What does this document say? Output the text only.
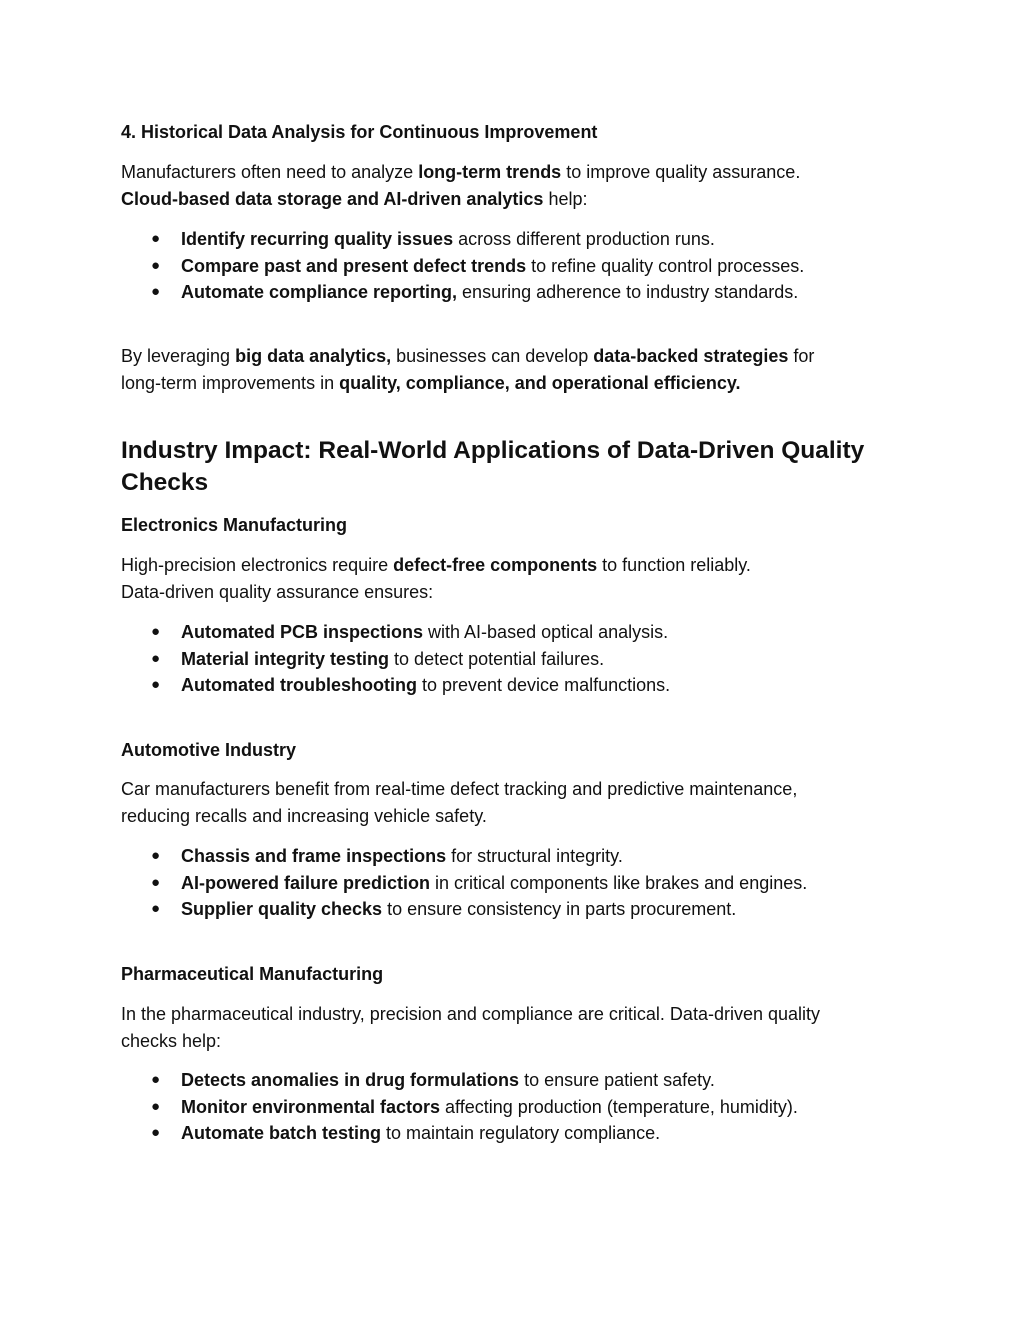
4. Historical Data Analysis for Continuous Improvement

Manufacturers often need to analyze long-term trends to improve quality assurance.
Cloud-based data storage and AI-driven analytics help:

● Identify recurring quality issues across different production runs.
● Compare past and present defect trends to refine quality control processes.
● Automate compliance reporting, ensuring adherence to industry standards.

By leveraging big data analytics, businesses can develop data-backed strategies for
long-term improvements in quality, compliance, and operational efficiency.

Industry Impact: Real-World Applications of Data-Driven Quality Checks
Electronics Manufacturing

High-precision electronics require defect-free components to function reliably.
Data-driven quality assurance ensures:

● Automated PCB inspections with AI-based optical analysis.
● Material integrity testing to detect potential failures.
● Automated troubleshooting to prevent device malfunctions.
Automotive Industry

Car manufacturers benefit from real-time defect tracking and predictive maintenance,
reducing recalls and increasing vehicle safety.

● Chassis and frame inspections for structural integrity.
● AI-powered failure prediction in critical components like brakes and engines.
● Supplier quality checks to ensure consistency in parts procurement.
Pharmaceutical Manufacturing

In the pharmaceutical industry, precision and compliance are critical. Data-driven quality
checks help:

● Detects anomalies in drug formulations to ensure patient safety.
● Monitor environmental factors affecting production (temperature, humidity).
● Automate batch testing to maintain regulatory compliance.
